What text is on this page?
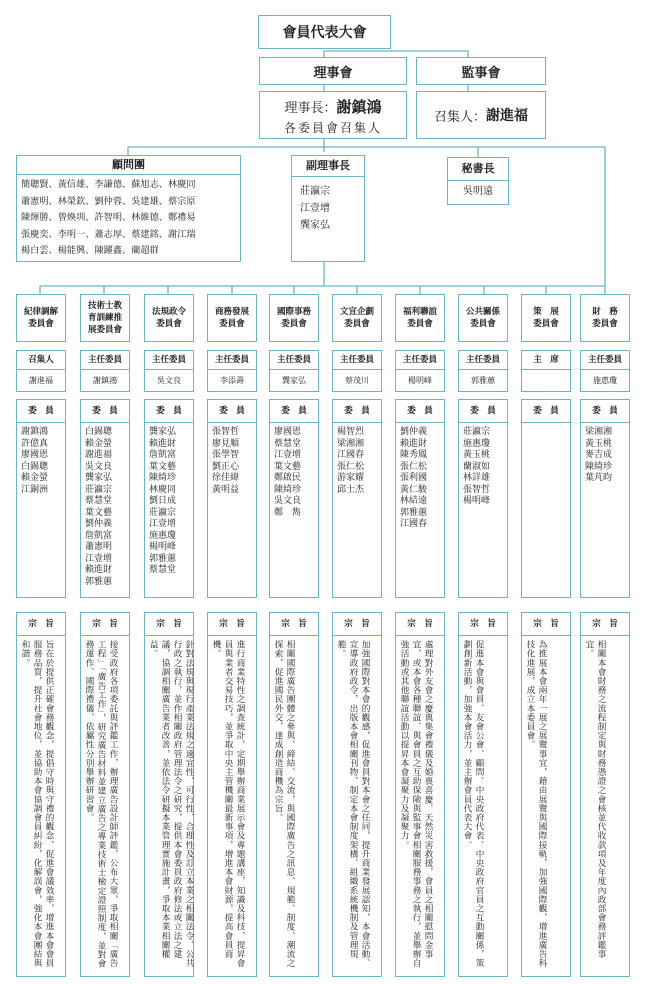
會員代表大會
理事會	監事會
理事長：謝鎮鴻
各委員會召集人
召集人： 謝進福
顧問團
簡聰賢、黃信雄、李謙德、蘇旭志、林慶同
蕭憲明、林榮欽、劉仲蓉、吳建雄、蔡宗原
陳煇勝、曾煥圳、許智明、林維德、鄭禮易
張慶奕、李明一、蕭志厚、蔡建銘、謝江瑞
楊白雲、楊能興、陳躍鑫、藺超群
副理事長
莊瀛宗
江壹增
龔家弘
秘書長
吳明遠
紀律調解
委員會
召集人
謝進福
委　員
謝鎮鴻
許億真
廖國恩
白錫聰
賴金螢
江銅洲
宗　旨
旨在於提供正確會務觀念，提倡守時與守禮的觀念，促進會議效率，增進本會會員服務品質，提升社會地位，並協助本會協調會員糾紛，化解誤會，強化本會團結與和諧。
技術士教
育訓練推
展委員會
主任委員
謝鎮鴻
委　員
白錫聰
賴金螢
謝進福
吳文良
龔家弘
莊瀛宗
蔡慧堂
葉文藝
劉仲義
詹凱富
蕭憲明
江壹增
賴進財
郭雅蕙
宗　旨
接受政府各項委託與評鑑工作，辦理廣告設計師評鑑，公布大眾，爭取相關「廣告工程」「廣告工作」，研究廣告材料並建立廣告之專業技術士檢定證照制度，並對會務運作、國際禮儀、依屬性分別舉辦研習會。
法規政令
委員會
主任委員
吳文良
委　員
龔家弘
賴進財
詹凱富
葉文藝
陳綺珍
林慶同
劉日成
莊瀛宗
江壹增
施惠瓊
楊明峰
郭雅蕙
蔡慧堂
宗　旨
針對法規與現行產業法規之適宜性、可行性、合理性及訂立本業之相關法令、公共行政之執行，並作相關政府管理法令之研究，提供本會委員政府修法或立法之建議，協調相關廣告業者改善，並依法令研擬本業管理實施計畫，爭取本業相關權益。
商務發展
委員會
主任委員
李添壽
委　員
張智哲
廖見順
張學智
劉正心
徐佳緯
黃明益
宗　旨
進行商業特性之調查統計，定期舉辦商業展示會及專題講座，知識及科技，提昇會員與業者交易技巧，並爭取中央主管機關最新事項，增進本會財源，提高會員商機。
國際事務
委員會
主任委員
龔家弘
委　員
廖國恩
蔡慧堂
江壹增
葉文藝
鄭啟民
陳綺珍
吳文良
鄭　雋
宗　旨
相關國際廣告團體之參與、締結、交流，與國際廣告之訊息、規範、制度、潮流之探索，促進國民外交，達成創造商機為宗旨。
文宣企劃
委員會
主任委員
蔡茂川
委　員
楊智烈
梁湘湘
江國春
張仁松
游家耀
邱士杰
宗　旨
加強國際對本會的觀感，促進會員對本會之任同，提升商業發展認知，本會活動、宣導政府政令，出版本會相關刊物，制定本會制度架構、組織系統機制及管理規範。
福利聯誼
委員會
主任委員
楊明峰
委　員
劉仲義
賴進財
陳秀鳳
張仁松
張利國
黃仁駿
林結遠
郭雅蕙
江國春
宗　旨
處理對外友會之慶典集會禮儀及婚喪喜慶、天然災害救援，會員之相關慰問金事宜，或本會各種聯誼、與會員之互助保險與監事會相關服務事務之執行，並舉辦自強活動或其他聯誼活動以提昇本會凝聚力及凝聚力。
公共關係
委員會
主任委員
郭雅蕙
委　員
莊瀛宗
施惠瓊
黃玉桃
蘭淑如
林詳雄
張智哲
楊明峰
宗　旨
促進本會與會員、友會公會、顧問、中央政府代表、中央政府官員之互動關係，策劃創新活動，加強本會活力，並主辦會員代表大會。
策　展
委員會
主　席
委　員
宗　旨
為推展本會兩年一展之展覽事宜，藉由展覽與國際接軌，加強國際觀，增進廣告科技化進展，成立本委員會。
財　務
委員會
主任委員
施惠瓊
委　員
梁湘湘
黃玉桃
麥吉成
陳綺珍
葉芃昀
宗　旨
相關本會財務之流程制定與財務憑證之會核並代收款項及年度內政部會務評鑑事宜。
